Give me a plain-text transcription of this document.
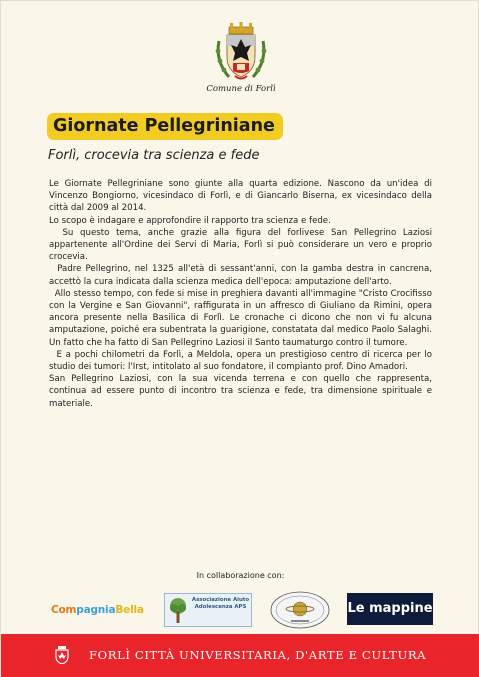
Comune di Forlì
Giornate Pellegriniane
Forlì, crocevia tra scienza e fede

Le Giornate Pellegriniane sono giunte alla quarta edizione. Nascono da un'idea di Vincenzo Bongiorno, vicesindaco di Forlì, e di Giancarlo Biserna, ex vicesindaco della città dal 2009 al 2014.

Lo scopo è indagare e approfondire il rapporto tra scienza e fede.

Su questo tema, anche grazie alla figura del forlivese San Pellegrino Laziosi appartenente all'Ordine dei Servi di Maria, Forlì si può considerare un vero e proprio crocevia.

Padre Pellegrino, nel 1325 all'età di sessant'anni, con la gamba destra in cancrena, accettò la cura indicata dalla scienza medica dell'epoca: amputazione dell'arto.

Allo stesso tempo, con fede si mise in preghiera davanti all'immagine "Cristo Crocifisso con la Vergine e San Giovanni", raffigurata in un affresco di Giuliano da Rimini, opera ancora presente nella Basilica di Forlì. Le cronache ci dicono che non vi fu alcuna amputazione, poiché era subentrata la guarigione, constatata dal medico Paolo Salaghi. Un fatto che ha fatto di San Pellegrino Laziosi il Santo taumaturgo contro il tumore.

E a pochi chilometri da Forlì, a Meldola, opera un prestigioso centro di ricerca per lo studio dei tumori: l'Irst, intitolato al suo fondatore, il compianto prof. Dino Amadori.

San Pellegrino Laziosi, con la sua vicenda terrena e con quello che rappresenta, continua ad essere punto di incontro tra scienza e fede, tra dimensione spirituale e materiale.

In collaborazione con:
CompagniaBella
Associazione Aiuto Adolescenza APS	Le mappine
FORLÌ CITTÀ UNIVERSITARIA, D'ARTE E CULTURA
